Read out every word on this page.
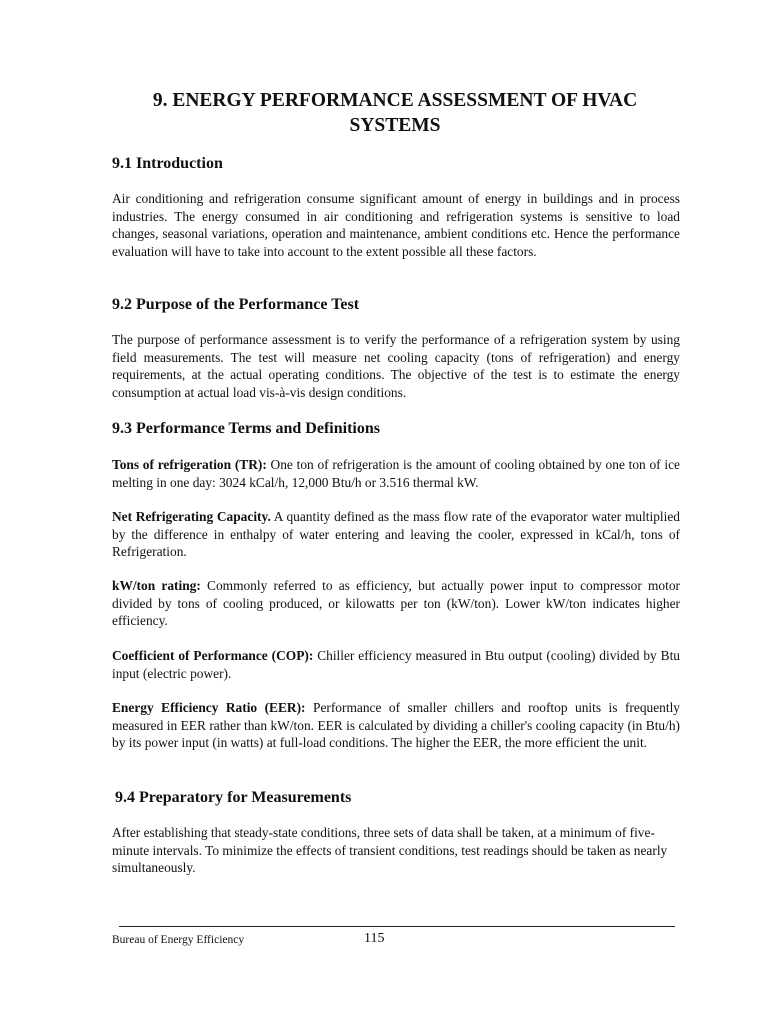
9. ENERGY PERFORMANCE ASSESSMENT OF HVAC SYSTEMS
9.1 Introduction

Air conditioning and refrigeration consume significant amount of energy in buildings and in process industries. The energy consumed in air conditioning and refrigeration systems is sensitive to load changes, seasonal variations, operation and maintenance, ambient conditions etc. Hence the performance evaluation will have to take into account to the extent possible all these factors.

9.2 Purpose of the Performance Test

The purpose of performance assessment is to verify the performance of a refrigeration system by using field measurements. The test will measure net cooling capacity (tons of refrigeration) and energy requirements, at the actual operating conditions. The objective of the test is to estimate the energy consumption at actual load vis-à-vis design conditions.

9.3 Performance Terms and Definitions

Tons of refrigeration (TR): One ton of refrigeration is the amount of cooling obtained by one ton of ice melting in one day: 3024 kCal/h, 12,000 Btu/h or 3.516 thermal kW.

Net Refrigerating Capacity. A quantity defined as the mass flow rate of the evaporator water multiplied by the difference in enthalpy of water entering and leaving the cooler, expressed in kCal/h, tons of Refrigeration.

kW/ton rating: Commonly referred to as efficiency, but actually power input to compressor motor divided by tons of cooling produced, or kilowatts per ton (kW/ton). Lower kW/ton indicates higher efficiency.

Coefficient of Performance (COP): Chiller efficiency measured in Btu output (cooling) divided by Btu input (electric power).

Energy Efficiency Ratio (EER): Performance of smaller chillers and rooftop units is frequently measured in EER rather than kW/ton. EER is calculated by dividing a chiller's cooling capacity (in Btu/h) by its power input (in watts) at full-load conditions. The higher the EER, the more efficient the unit.

9.4 Preparatory for Measurements

After establishing that steady-state conditions, three sets of data shall be taken, at a minimum of five-minute intervals. To minimize the effects of transient conditions, test readings should be taken as nearly simultaneously.

Bureau of Energy Efficiency	115
